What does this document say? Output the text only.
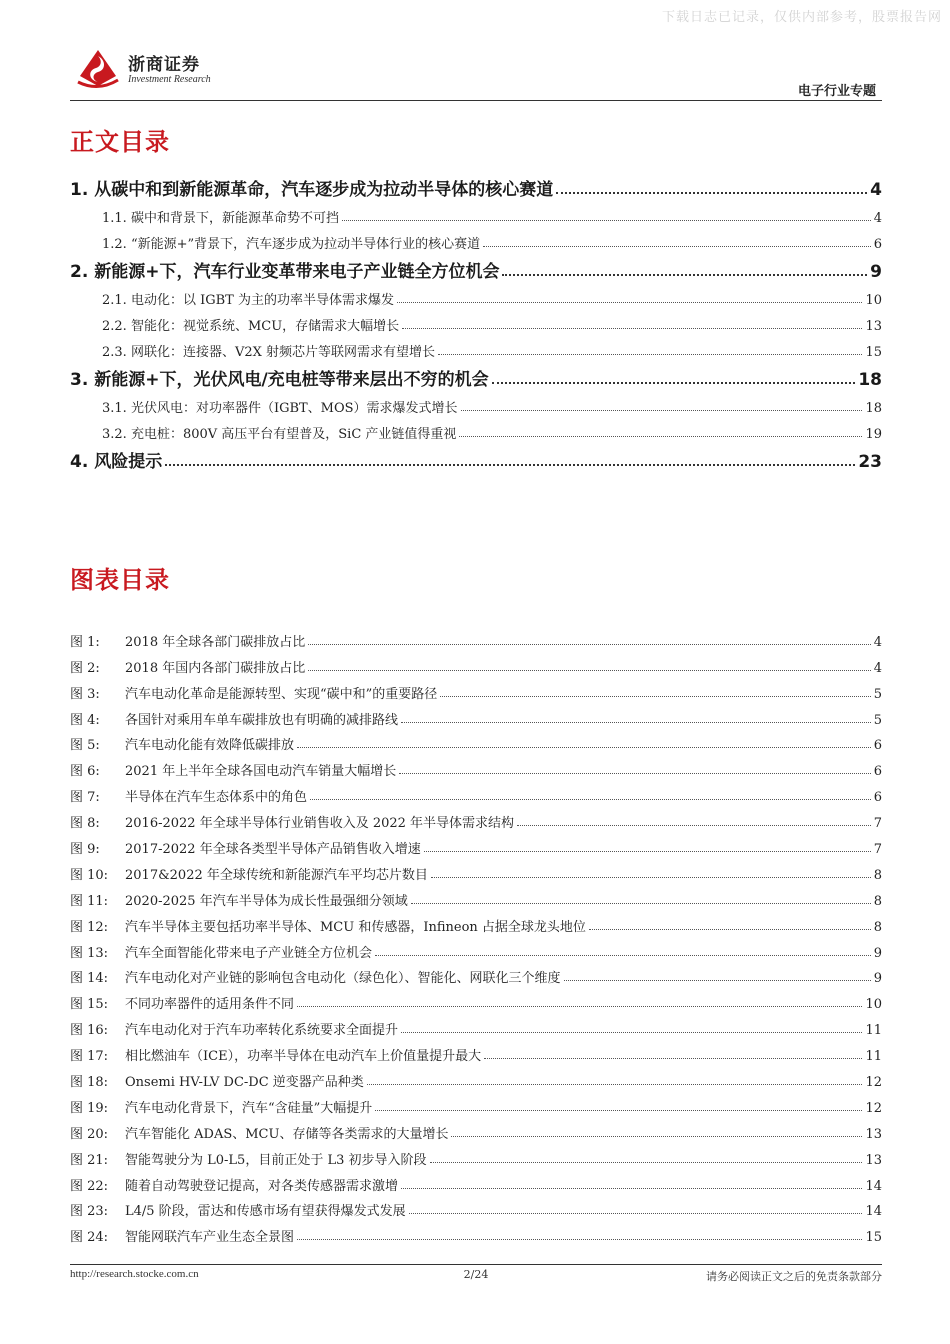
下载日志已记录，仅供内部参考，股票报告网
浙商证券
Investment Research
电子行业专题
正文目录
1. 从碳中和到新能源革命，汽车逐步成为拉动半导体的核心赛道	4
1.1. 碳中和背景下，新能源革命势不可挡	4
1.2. “新能源+”背景下，汽车逐步成为拉动半导体行业的核心赛道	6
2. 新能源+下，汽车行业变革带来电子产业链全方位机会	9
2.1. 电动化：以 IGBT 为主的功率半导体需求爆发	10
2.2. 智能化：视觉系统、MCU，存储需求大幅增长	13
2.3. 网联化：连接器、V2X 射频芯片等联网需求有望增长	15
3. 新能源+下，光伏风电/充电桩等带来层出不穷的机会	18
3.1. 光伏风电：对功率器件（IGBT、MOS）需求爆发式增长	18
3.2. 充电桩：800V 高压平台有望普及，SiC 产业链值得重视	19
4. 风险提示	23
图表目录
图 1: 2018 年全球各部门碳排放占比	4
图 2: 2018 年国内各部门碳排放占比	4
图 3: 汽车电动化革命是能源转型、实现“碳中和”的重要路径	5
图 4: 各国针对乘用车单车碳排放也有明确的减排路线	5
图 5: 汽车电动化能有效降低碳排放	6
图 6: 2021 年上半年全球各国电动汽车销量大幅增长	6
图 7: 半导体在汽车生态体系中的角色	6
图 8: 2016-2022 年全球半导体行业销售收入及 2022 年半导体需求结构	7
图 9: 2017-2022 年全球各类型半导体产品销售收入增速	7
图 10: 2017&2022 年全球传统和新能源汽车平均芯片数目	8
图 11: 2020-2025 年汽车半导体为成长性最强细分领域	8
图 12: 汽车半导体主要包括功率半导体、MCU 和传感器，Infineon 占据全球龙头地位	8
图 13: 汽车全面智能化带来电子产业链全方位机会	9
图 14: 汽车电动化对产业链的影响包含电动化（绿色化）、智能化、网联化三个维度	9
图 15: 不同功率器件的适用条件不同	10
图 16: 汽车电动化对于汽车功率转化系统要求全面提升	11
图 17: 相比燃油车（ICE），功率半导体在电动汽车上价值量提升最大	11
图 18: Onsemi HV-LV DC-DC 逆变器产品种类	12
图 19: 汽车电动化背景下，汽车“含硅量”大幅提升	12
图 20: 汽车智能化 ADAS、MCU、存储等各类需求的大量增长	13
图 21: 智能驾驶分为 L0-L5，目前正处于 L3 初步导入阶段	13
图 22: 随着自动驾驶登记提高，对各类传感器需求激增	14
图 23: L4/5 阶段，雷达和传感市场有望获得爆发式发展	14
图 24: 智能网联汽车产业生态全景图	15
http://research.stocke.com.cn	2/24	请务必阅读正文之后的免责条款部分
